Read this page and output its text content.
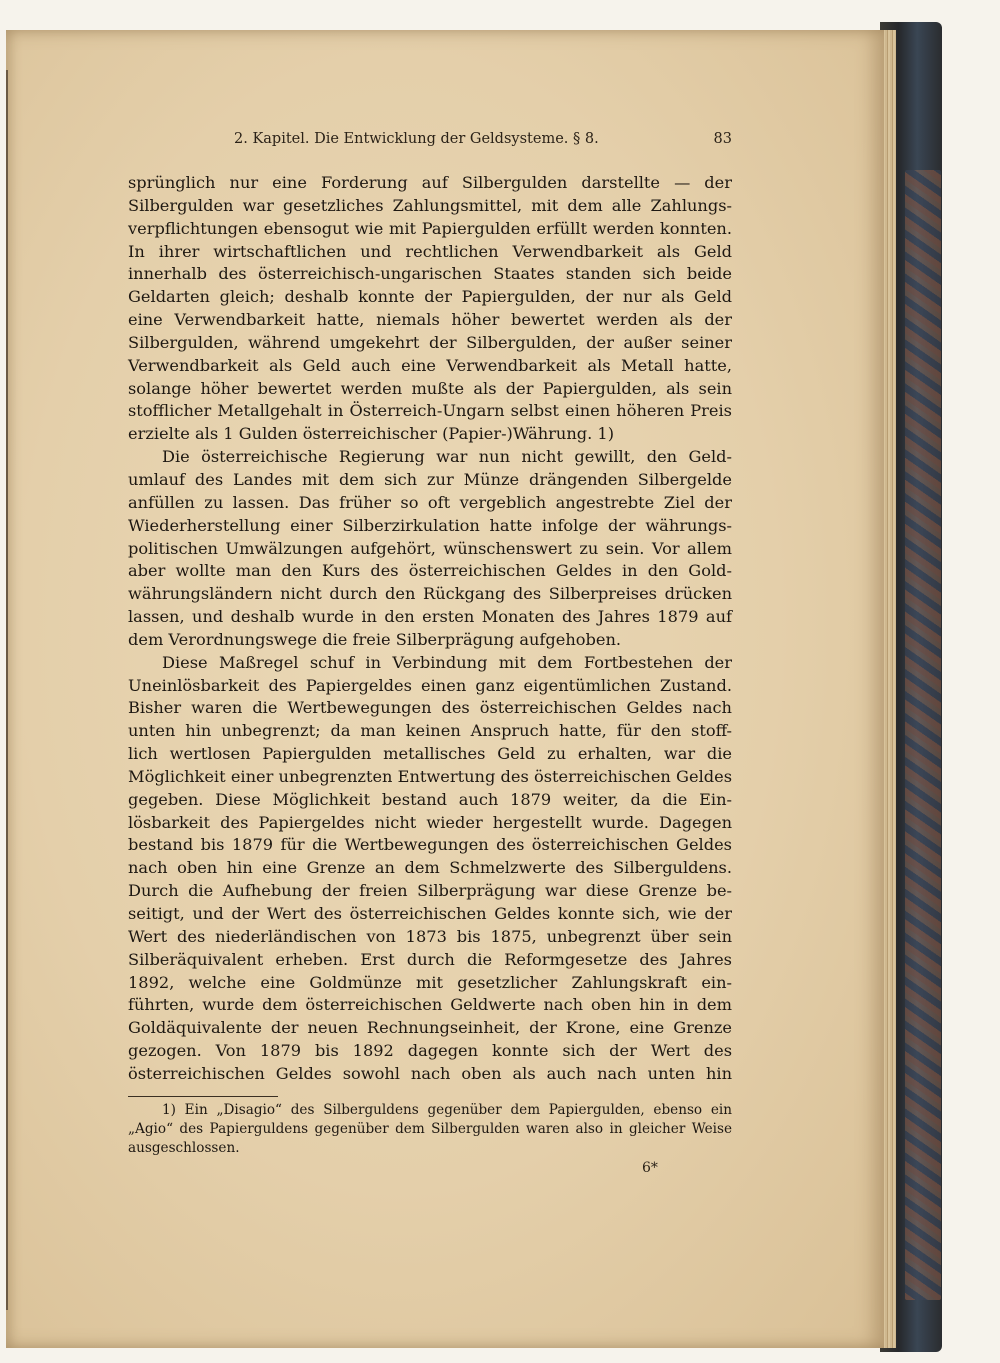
2. Kapitel. Die Entwicklung der Geldsysteme. § 8.	83
sprünglich nur eine Forderung auf Silbergulden darstellte — der
Silbergulden war gesetzliches Zahlungsmittel, mit dem alle Zahlungs-
verpflichtungen ebensogut wie mit Papiergulden erfüllt werden konnten.
In ihrer wirtschaftlichen und rechtlichen Verwendbarkeit als Geld
innerhalb des österreichisch-ungarischen Staates standen sich beide
Geldarten gleich; deshalb konnte der Papiergulden, der nur als Geld
eine Verwendbarkeit hatte, niemals höher bewertet werden als der
Silbergulden, während umgekehrt der Silbergulden, der außer seiner
Verwendbarkeit als Geld auch eine Verwendbarkeit als Metall hatte,
solange höher bewertet werden mußte als der Papiergulden, als sein
stofflicher Metallgehalt in Österreich-Ungarn selbst einen höheren Preis
erzielte als 1 Gulden österreichischer (Papier-)Währung. 1)
Die österreichische Regierung war nun nicht gewillt, den Geld-
umlauf des Landes mit dem sich zur Münze drängenden Silbergelde
anfüllen zu lassen. Das früher so oft vergeblich angestrebte Ziel der
Wiederherstellung einer Silberzirkulation hatte infolge der währungs-
politischen Umwälzungen aufgehört, wünschenswert zu sein. Vor allem
aber wollte man den Kurs des österreichischen Geldes in den Gold-
währungsländern nicht durch den Rückgang des Silberpreises drücken
lassen, und deshalb wurde in den ersten Monaten des Jahres 1879 auf
dem Verordnungswege die freie Silberprägung aufgehoben.
Diese Maßregel schuf in Verbindung mit dem Fortbestehen der
Uneinlösbarkeit des Papiergeldes einen ganz eigentümlichen Zustand.
Bisher waren die Wertbewegungen des österreichischen Geldes nach
unten hin unbegrenzt; da man keinen Anspruch hatte, für den stoff-
lich wertlosen Papiergulden metallisches Geld zu erhalten, war die
Möglichkeit einer unbegrenzten Entwertung des österreichischen Geldes
gegeben. Diese Möglichkeit bestand auch 1879 weiter, da die Ein-
lösbarkeit des Papiergeldes nicht wieder hergestellt wurde. Dagegen
bestand bis 1879 für die Wertbewegungen des österreichischen Geldes
nach oben hin eine Grenze an dem Schmelzwerte des Silberguldens.
Durch die Aufhebung der freien Silberprägung war diese Grenze be-
seitigt, und der Wert des österreichischen Geldes konnte sich, wie der
Wert des niederländischen von 1873 bis 1875, unbegrenzt über sein
Silberäquivalent erheben. Erst durch die Reformgesetze des Jahres
1892, welche eine Goldmünze mit gesetzlicher Zahlungskraft ein-
führten, wurde dem österreichischen Geldwerte nach oben hin in dem
Goldäquivalente der neuen Rechnungseinheit, der Krone, eine Grenze
gezogen. Von 1879 bis 1892 dagegen konnte sich der Wert des
österreichischen Geldes sowohl nach oben als auch nach unten hin
1) Ein „Disagio“ des Silberguldens gegenüber dem Papiergulden, ebenso ein
„Agio“ des Papierguldens gegenüber dem Silbergulden waren also in gleicher Weise
ausgeschlossen.
6*
